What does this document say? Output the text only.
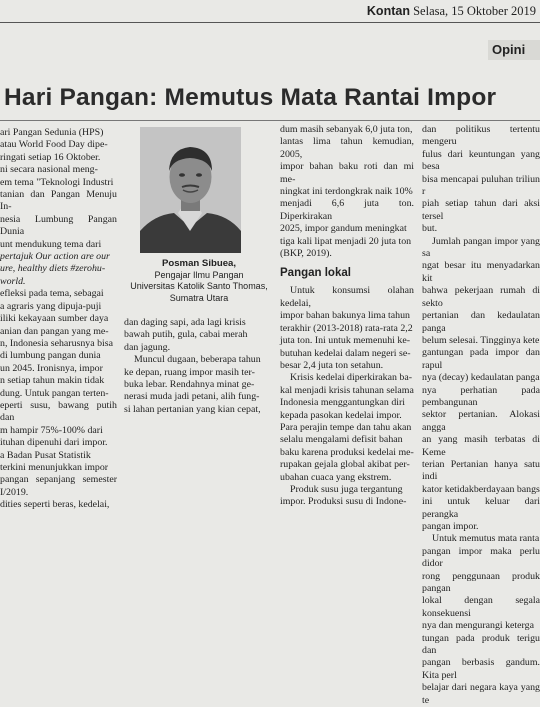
Kontan Selasa, 15 Oktober 2019
Opini
Hari Pangan: Memutus Mata Rantai Impor

ari Pangan Sedunia (HPS)

atau World Food Day dipe-

ringati setiap 16 Oktober.

ni secara nasional meng-

em tema "Teknologi Industri

tanian dan Pangan Menuju In-

nesia Lumbung Pangan Dunia

unt mendukung tema dari

pertajuk Our action are our

ure, healthy diets #zerohu-

world.

efleksi pada tema, sebagai

a agraris yang dipuja-puji

iliki kekayaan sumber daya

anian dan pangan yang me-

n, Indonesia seharusnya bisa

di lumbung pangan dunia

un 2045. Ironisnya, impor

n setiap tahun makin tidak

dung. Untuk pangan terten-

eperti susu, bawang putih dan

m hampir 75%-100% dari

ituhan dipenuhi dari impor.

a Badan Pusat Statistik

terkini menunjukkan impor

pangan sepanjang semester I/2019.

dities seperti beras, kedelai,

Posman Sibuea,
Pengajar Ilmu Pangan
Universitas Katolik Santo Thomas,
Sumatra Utara

dan daging sapi, ada lagi krisis

bawah putih, gula, cabai merah

dan jagung.

Muncul dugaan, beberapa tahun

ke depan, ruang impor masih ter-

buka lebar. Rendahnya minat ge-

nerasi muda jadi petani, alih fung-

si lahan pertanian yang kian cepat,

dum masih sebanyak 6,0 juta ton,

lantas lima tahun kemudian, 2005,

impor bahan baku roti dan mi me-

ningkat ini terdongkrak naik 10%

menjadi 6,6 juta ton. Diperkirakan

2025, impor gandum meningkat

tiga kali lipat menjadi 20 juta ton

(BKP, 2019).

Pangan lokal

Untuk konsumsi olahan kedelai,

impor bahan bakunya lima tahun

terakhir (2013-2018) rata-rata 2,2

juta ton. Ini untuk memenuhi ke-

butuhan kedelai dalam negeri se-

besar 2,4 juta ton setahun.

Krisis kedelai diperkirakan ba-

kal menjadi krisis tahunan selama

Indonesia menggantungkan diri

kepada pasokan kedelai impor.

Para perajin tempe dan tahu akan

selalu mengalami defisit bahan

baku karena produksi kedelai me-

rupakan gejala global akibat per-

ubahan cuaca yang ekstrem.

Produk susu juga tergantung

impor. Produksi susu di Indone-

dan politikus tertentu mengeru

fulus dari keuntungan yang besa

bisa mencapai puluhan triliun r

piah setiap tahun dari aksi tersel

but.

Jumlah pangan impor yang sa

ngat besar itu menyadarkan kit

bahwa pekerjaan rumah di sekto

pertanian dan kedaulatan panga

belum selesai. Tingginya kete

gantungan pada impor dan rapul

nya (decay) kedaulatan panga

nya perhatian pada pembangunan

sektor pertanian. Alokasi angga

an yang masih terbatas di Keme

terian Pertanian hanya satu indi

kator ketidakberdayaan bangs

ini untuk keluar dari perangka

pangan impor.

Untuk memutus mata ranta

pangan impor maka perlu didor

rong penggunaan produk pangan

lokal dengan segala konsekuensi

nya dan mengurangi keterga

tungan pada produk terigu dan

pangan berbasis gandum. Kita perl

belajar dari negara kaya yang te
